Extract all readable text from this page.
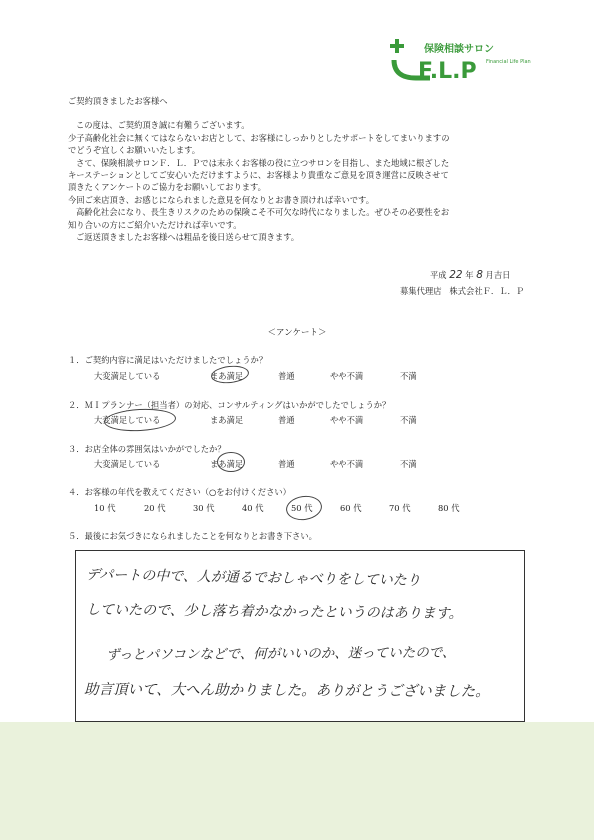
F.L.P Financial Life Plan
保険相談サロン

ご契約頂きましたお客様へ

この度は、ご契約頂き誠に有難うございます。

少子高齢化社会に無くてはならないお店として、お客様にしっかりとしたサポートをしてまいりますの

でどうぞ宜しくお願いいたします。

さて、保険相談サロンＦ．Ｌ．Ｐでは末永くお客様の役に立つサロンを目指し、また地域に根ざした

キーステーションとしてご安心いただけますように、お客様より貴重なご意見を頂き運営に反映させて

頂きたくアンケートのご協力をお願いしております。

今回ご来店頂き、お感じになられました意見を何なりとお書き頂ければ幸いです。

高齢化社会になり、長生きリスクのための保険こそ不可欠な時代になりました。ぜひその必要性をお

知り合いの方にご紹介いただければ幸いです。

ご返送頂きましたお客様へは粗品を後日送らせて頂きます。

平成 22 年 8 月吉日
募集代理店 株式会社Ｆ．Ｌ．Ｐ
＜アンケート＞
１．ご契約内容に満足はいただけましたでしょうか？
大変満足している	まあ満足	普通	やや不満	不満
２．ＭＩプランナー（担当者）の対応、コンサルティングはいかがでしたでしょうか？
大変満足している	まあ満足	普通	やや不満	不満
３．お店全体の雰囲気はいかがでしたか？
大変満足している	まあ満足	普通	やや不満	不満
４．お客様の年代を教えてください（○をお付けください）
10 代	20 代	30 代	40 代	50 代	60 代	70 代	80 代
５．最後にお気づきになられましたことを何なりとお書き下さい。

デパートの中で、人が通るでおしゃべりをしていたり

していたので、少し落ち着かなかったというのはあります。

ずっとパソコンなどで、何がいいのか、迷っていたので、

助言頂いて、大へん助かりました。ありがとうございました。
